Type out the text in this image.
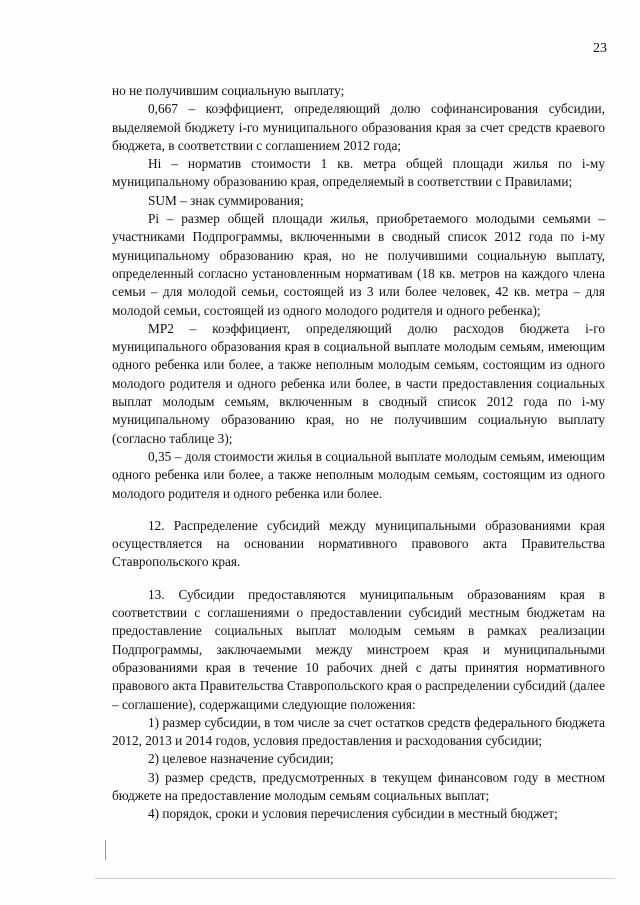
23

но не получившим социальную выплату;

0,667 – коэффициент, определяющий долю софинансирования субсидии, выделяемой бюджету i-го муниципального образования края за счет средств краевого бюджета, в соответствии с соглашением 2012 года;

Нi – норматив стоимости 1 кв. метра общей площади жилья по i-му муниципальному образованию края, определяемый в соответствии с Правилами;

SUM – знак суммирования;

Рi – размер общей площади жилья, приобретаемого молодыми семьями – участниками Подпрограммы, включенными в сводный список 2012 года по i-му муниципальному образованию края, но не получившими социальную выплату, определенный согласно установленным нормативам (18 кв. метров на каждого члена семьи – для молодой семьи, состоящей из 3 или более человек, 42 кв. метра – для молодой семьи, состоящей из одного молодого родителя и одного ребенка);

МР2 – коэффициент, определяющий долю расходов бюджета i-го муниципального образования края в социальной выплате молодым семьям, имеющим одного ребенка или более, а также неполным молодым семьям, состоящим из одного молодого родителя и одного ребенка или более, в части предоставления социальных выплат молодым семьям, включенным в сводный список 2012 года по i-му муниципальному образованию края, но не получившим социальную выплату (согласно таблице 3);

0,35 – доля стоимости жилья в социальной выплате молодым семьям, имеющим одного ребенка или более, а также неполным молодым семьям, состоящим из одного молодого родителя и одного ребенка или более.

12. Распределение субсидий между муниципальными образованиями края осуществляется на основании нормативного правового акта Правительства Ставропольского края.

13. Субсидии предоставляются муниципальным образованиям края в соответствии с соглашениями о предоставлении субсидий местным бюджетам на предоставление социальных выплат молодым семьям в рамках реализации Подпрограммы, заключаемыми между минстроем края и муниципальными образованиями края в течение 10 рабочих дней с даты принятия нормативного правового акта Правительства Ставропольского края о распределении субсидий (далее – соглашение), содержащими следующие положения:

1) размер субсидии, в том числе за счет остатков средств федерального бюджета 2012, 2013 и 2014 годов, условия предоставления и расходования субсидии;

2) целевое назначение субсидии;

3) размер средств, предусмотренных в текущем финансовом году в местном бюджете на предоставление молодым семьям социальных выплат;

4) порядок, сроки и условия перечисления субсидии в местный бюджет;
